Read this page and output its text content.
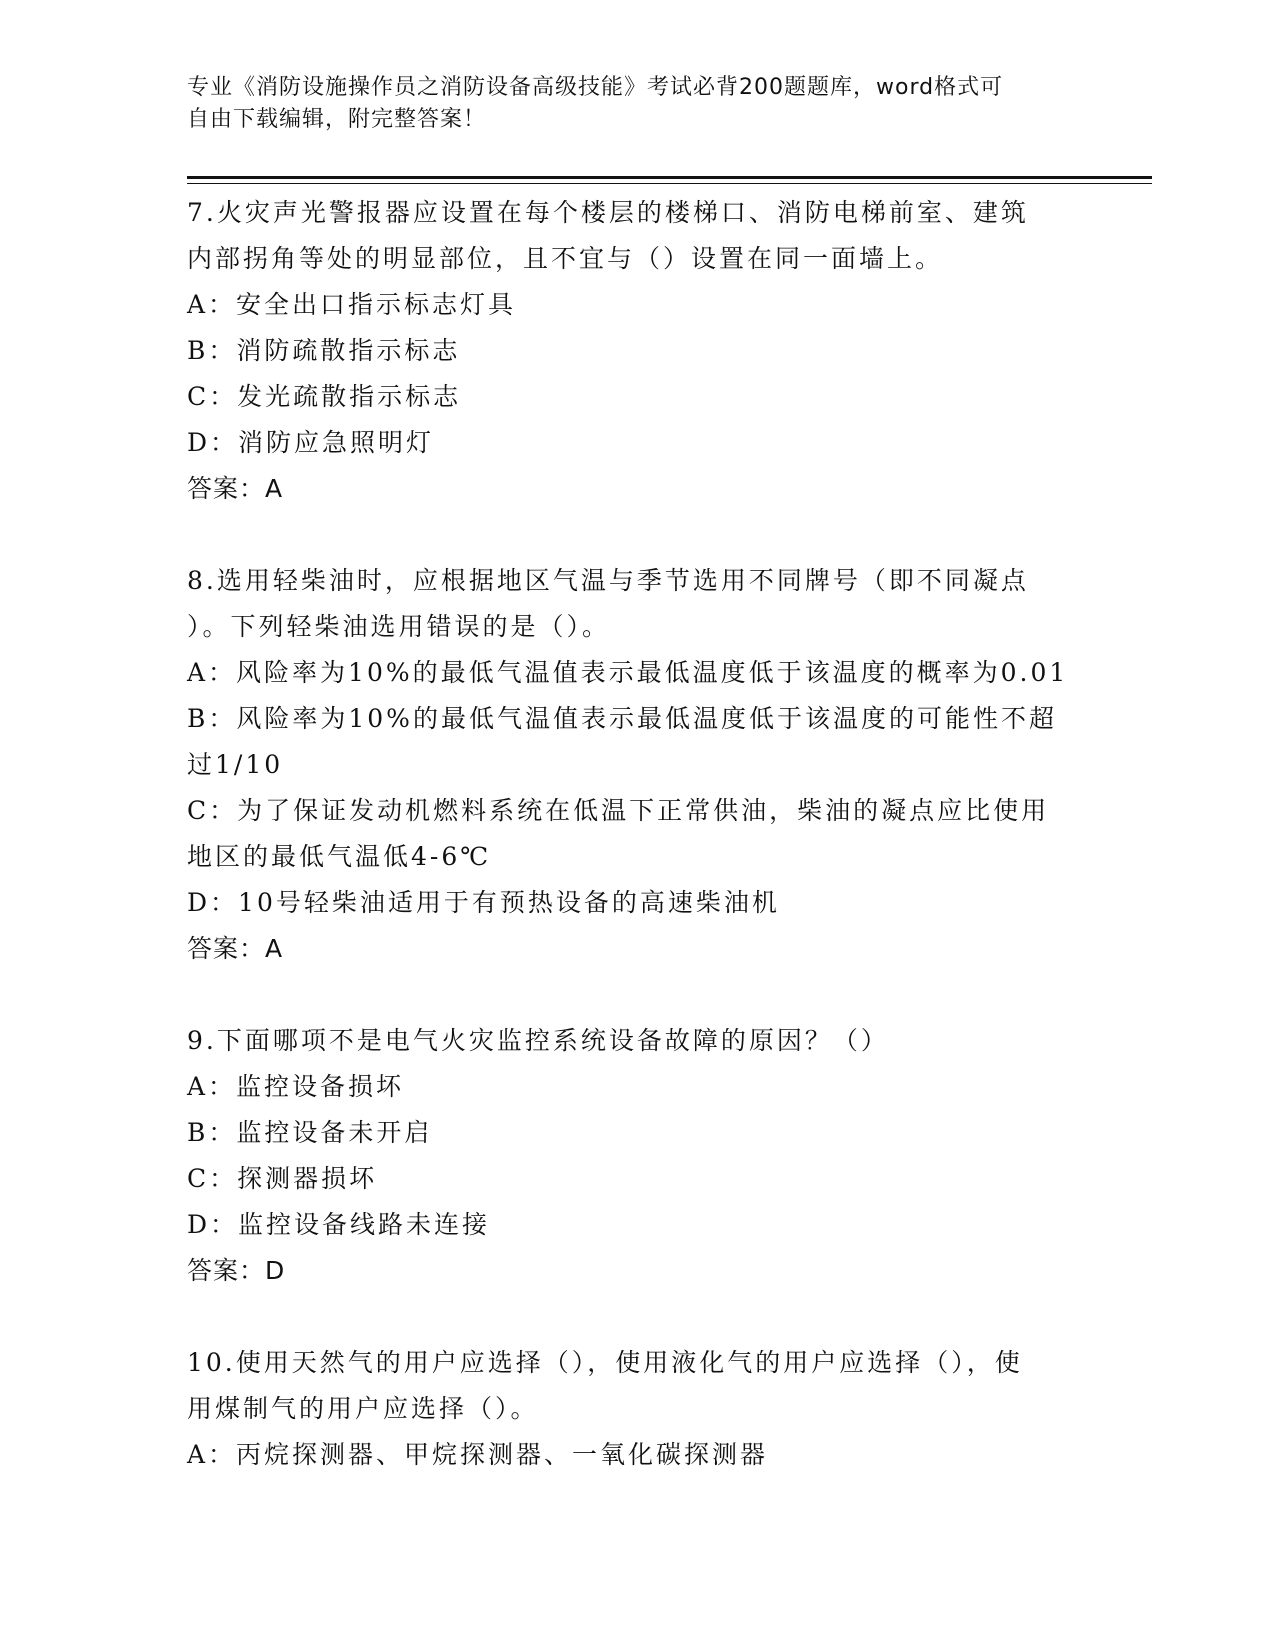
专业《消防设施操作员之消防设备高级技能》考试必背200题题库，word格式可
自由下载编辑，附完整答案！
7.火灾声光警报器应设置在每个楼层的楼梯口、消防电梯前室、建筑
内部拐角等处的明显部位，且不宜与（）设置在同一面墙上。
A：安全出口指示标志灯具
B：消防疏散指示标志
C：发光疏散指示标志
D：消防应急照明灯
答案：A
8.选用轻柴油时，应根据地区气温与季节选用不同牌号（即不同凝点
）。下列轻柴油选用错误的是（）。
A：风险率为10%的最低气温值表示最低温度低于该温度的概率为0.01
B：风险率为10%的最低气温值表示最低温度低于该温度的可能性不超
过1/10
C：为了保证发动机燃料系统在低温下正常供油，柴油的凝点应比使用
地区的最低气温低4-6℃
D：10号轻柴油适用于有预热设备的高速柴油机
答案：A
9.下面哪项不是电气火灾监控系统设备故障的原因？（）
A：监控设备损坏
B：监控设备未开启
C：探测器损坏
D：监控设备线路未连接
答案：D
10.使用天然气的用户应选择（），使用液化气的用户应选择（），使
用煤制气的用户应选择（）。
A：丙烷探测器、甲烷探测器、一氧化碳探测器
